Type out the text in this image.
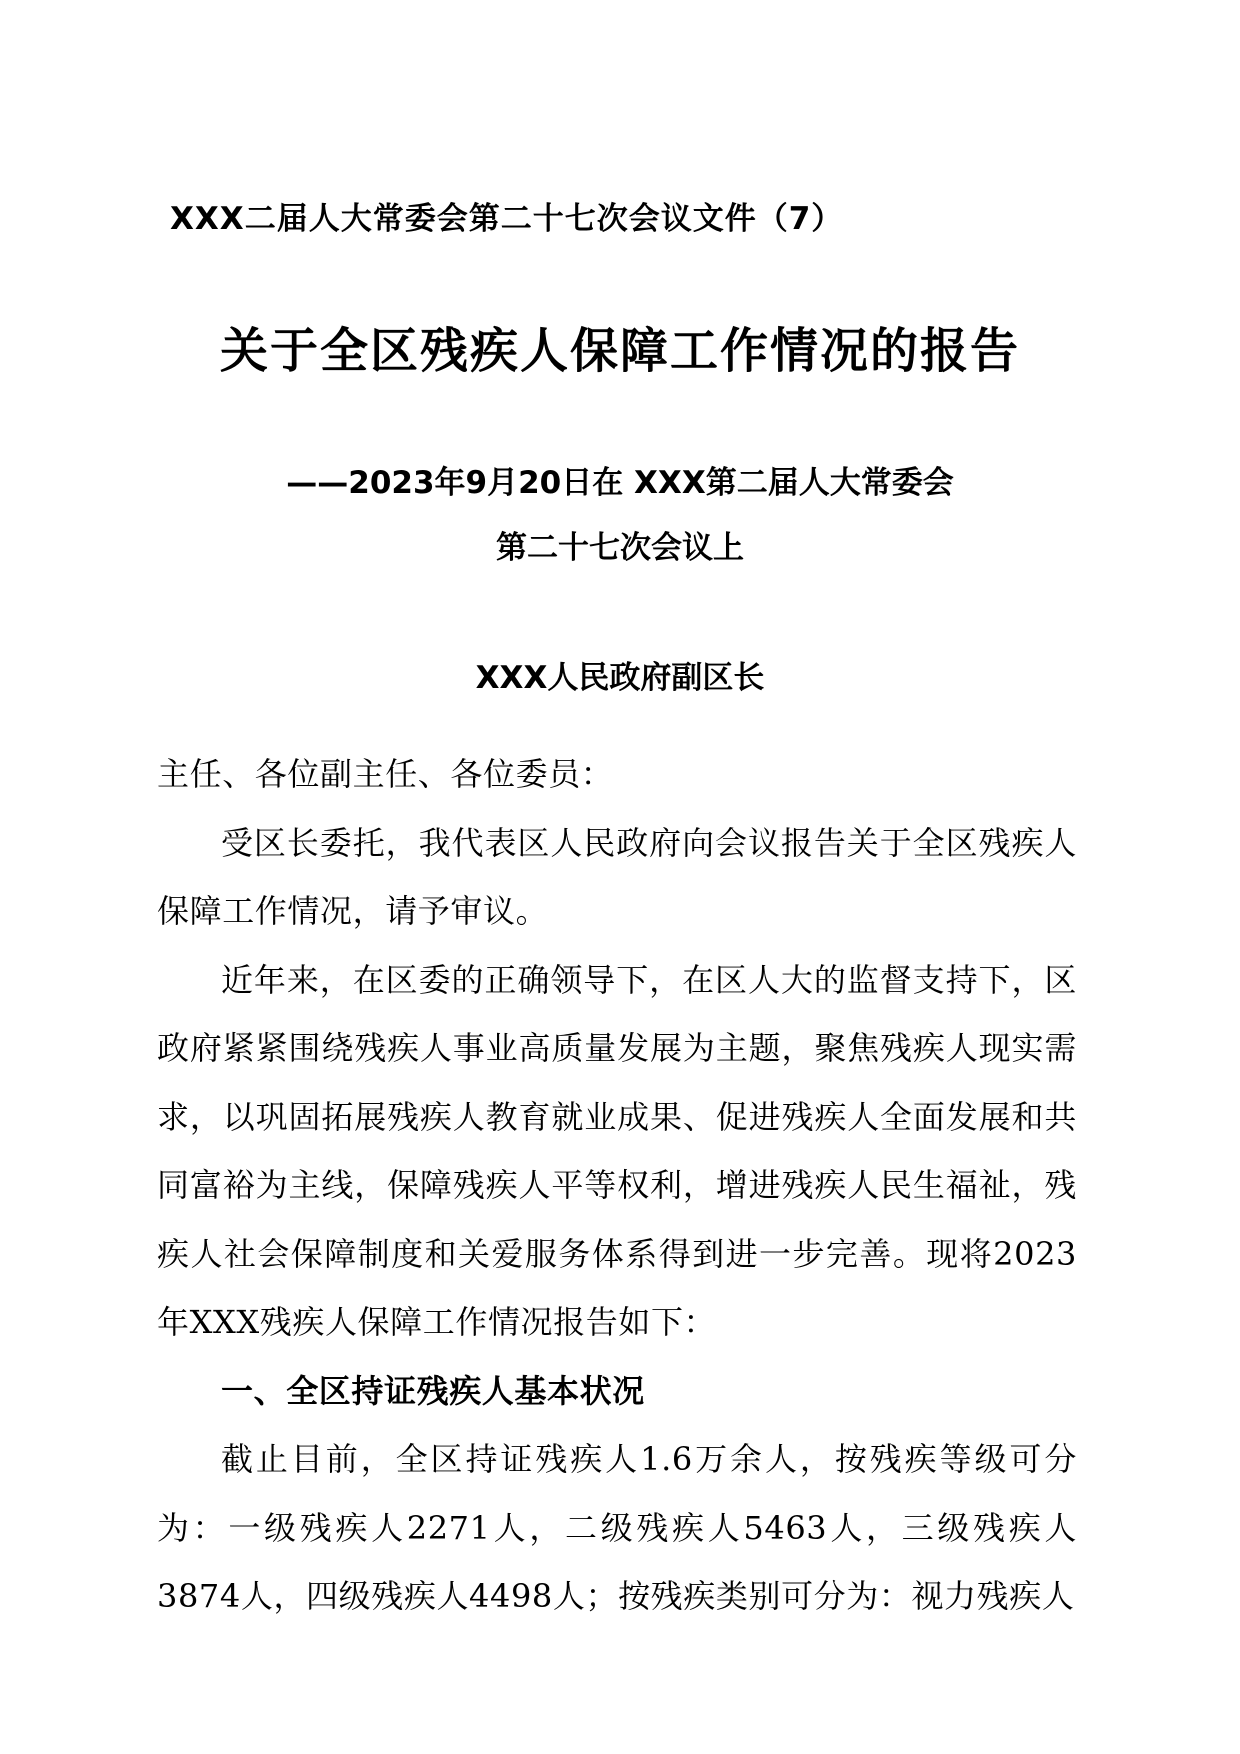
XXX二届人大常委会第二十七次会议文件（7）
关于全区残疾人保障工作情况的报告
——2023年9月20日在 XXX第二届人大常委会
第二十七次会议上
XXX人民政府副区长

主任、各位副主任、各位委员：

受区长委托，我代表区人民政府向会议报告关于全区残疾人保障工作情况，请予审议。

近年来，在区委的正确领导下，在区人大的监督支持下，区政府紧紧围绕残疾人事业高质量发展为主题，聚焦残疾人现实需求，以巩固拓展残疾人教育就业成果、促进残疾人全面发展和共同富裕为主线，保障残疾人平等权利，增进残疾人民生福祉，残疾人社会保障制度和关爱服务体系得到进一步完善。现将2023年XXX残疾人保障工作情况报告如下：

一、全区持证残疾人基本状况

截止目前，全区持证残疾人1.6万余人，按残疾等级可分为：一级残疾人2271人，二级残疾人5463人，三级残疾人3874人，四级残疾人4498人；按残疾类别可分为：视力残疾人
